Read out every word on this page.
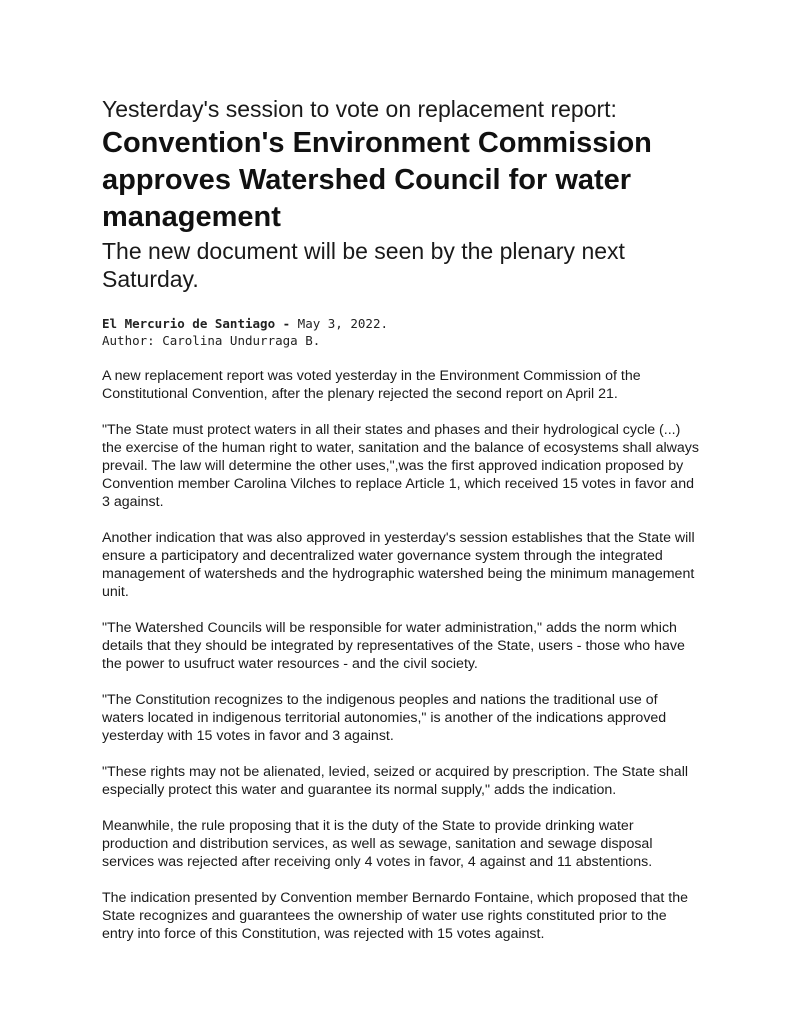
Yesterday's session to vote on replacement report:

Convention's Environment Commission approves Watershed Council for water management

The new document will be seen by the plenary next Saturday.

El Mercurio de Santiago - May 3, 2022.
Author: Carolina Undurraga B.

A new replacement report was voted yesterday in the Environment Commission of the Constitutional Convention, after the plenary rejected the second report on April 21.

"The State must protect waters in all their states and phases and their hydrological cycle (...) the exercise of the human right to water, sanitation and the balance of ecosystems shall always prevail. The law will determine the other uses,",was the first approved indication proposed by Convention member Carolina Vilches to replace Article 1, which received 15 votes in favor and 3 against.

Another indication that was also approved in yesterday's session establishes that the State will ensure a participatory and decentralized water governance system through the integrated management of watersheds and the hydrographic watershed being the minimum management unit.

"The Watershed Councils will be responsible for water administration," adds the norm which details that they should be integrated by representatives of the State, users - those who have the power to usufruct water resources - and the civil society.

"The Constitution recognizes to the indigenous peoples and nations the traditional use of waters located in indigenous territorial autonomies," is another of the indications approved yesterday with 15 votes in favor and 3 against.

"These rights may not be alienated, levied, seized or acquired by prescription. The State shall especially protect this water and guarantee its normal supply," adds the indication.

Meanwhile, the rule proposing that it is the duty of the State to provide drinking water production and distribution services, as well as sewage, sanitation and sewage disposal services was rejected after receiving only 4 votes in favor, 4 against and 11 abstentions.

The indication presented by Convention member Bernardo Fontaine, which proposed that the State recognizes and guarantees the ownership of water use rights constituted prior to the entry into force of this Constitution, was rejected with 15 votes against.
